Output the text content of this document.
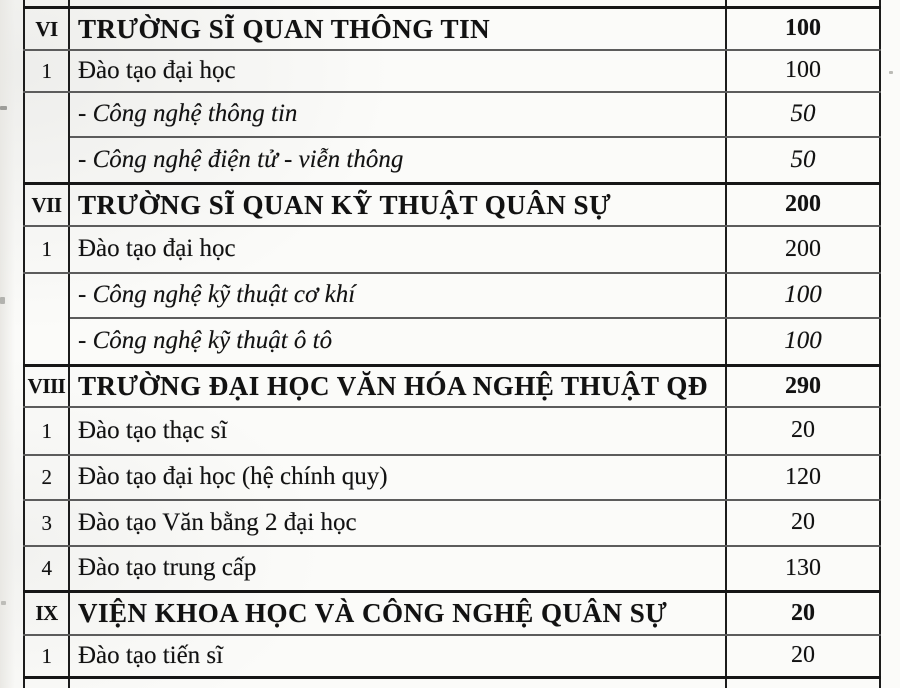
VI	TRƯỜNG SĨ QUAN THÔNG TIN	100
1	Đào tạo đại học	100
	- Công nghệ thông tin	50
	- Công nghệ điện tử - viễn thông	50
VII	TRƯỜNG SĨ QUAN KỸ THUẬT QUÂN SỰ	200
1	Đào tạo đại học	200
	- Công nghệ kỹ thuật cơ khí	100
	- Công nghệ kỹ thuật ô tô	100
VIII	TRƯỜNG ĐẠI HỌC VĂN HÓA NGHỆ THUẬT QĐ	290
1	Đào tạo thạc sĩ	20
2	Đào tạo đại học (hệ chính quy)	120
3	Đào tạo Văn bằng 2 đại học	20
4	Đào tạo trung cấp	130
IX	VIỆN KHOA HỌC VÀ CÔNG NGHỆ QUÂN SỰ	20
1	Đào tạo tiến sĩ	20
